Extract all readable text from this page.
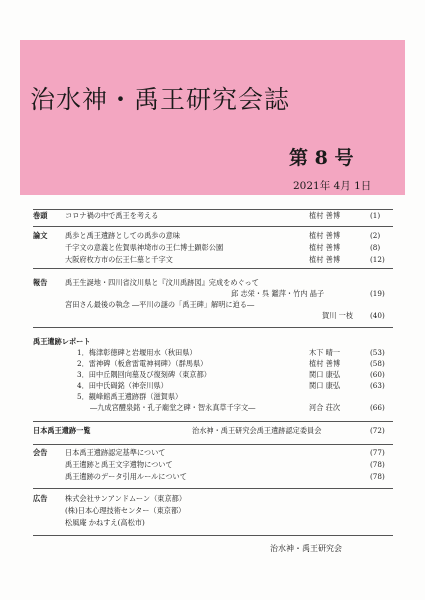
治水神・禹王研究会誌
第 8 号
2021年 4月 1日
巻頭 コロナ禍の中で禹王を考える	植村 善博	(1)
論文 禹歩と禹王遺跡としての禹歩の意味	植村 善博	(2)
千字文の意義と佐賀県神埼市の王仁博士顕彰公園	植村 善博	(8)
大阪府枚方市の伝王仁墓と千字文	植村 善博	(12)
報告 禹王生誕地・四川省汶川県と『汶川禹跡図』完成をめぐって
邱 志栄・呉 鑑萍・竹内 晶子	(19)
宮田さん最後の執念 ―平川の謎の「禹王碑」解明に迫る―
賀川 一枝 (40)
禹王遺跡レポート
1．梅津彰徳碑と岩堰用水（秋田県）	木下 晴一	(53)
2．雷神碑（板倉雷電神祠碑）（群馬県）	植村 善博	(58)
3．田中丘隅回向墓及び復刻碑（東京都）	関口 康弘	(60)
4．田中氏碣銘（神奈川県）	関口 康弘	(63)
5．観峰館禹王遺跡群（滋賀県）
―九成宮醴泉銘・孔子廟堂之碑・智永真草千字文―	河合 荘次	(66)
日本禹王遺跡一覧	治水神・禹王研究会禹王遺跡認定委員会	(72)
会告 日本禹王遺跡認定基準について	(77)
禹王遺跡と禹王文字遺物について	(78)
禹王遺跡のデータ引用ルールについて	(78)
広告 株式会社サンアンドムーン（東京都）
(株)日本心理技術センター（東京都）
松風庵 かねすえ(高松市)
治水神・禹王研究会
